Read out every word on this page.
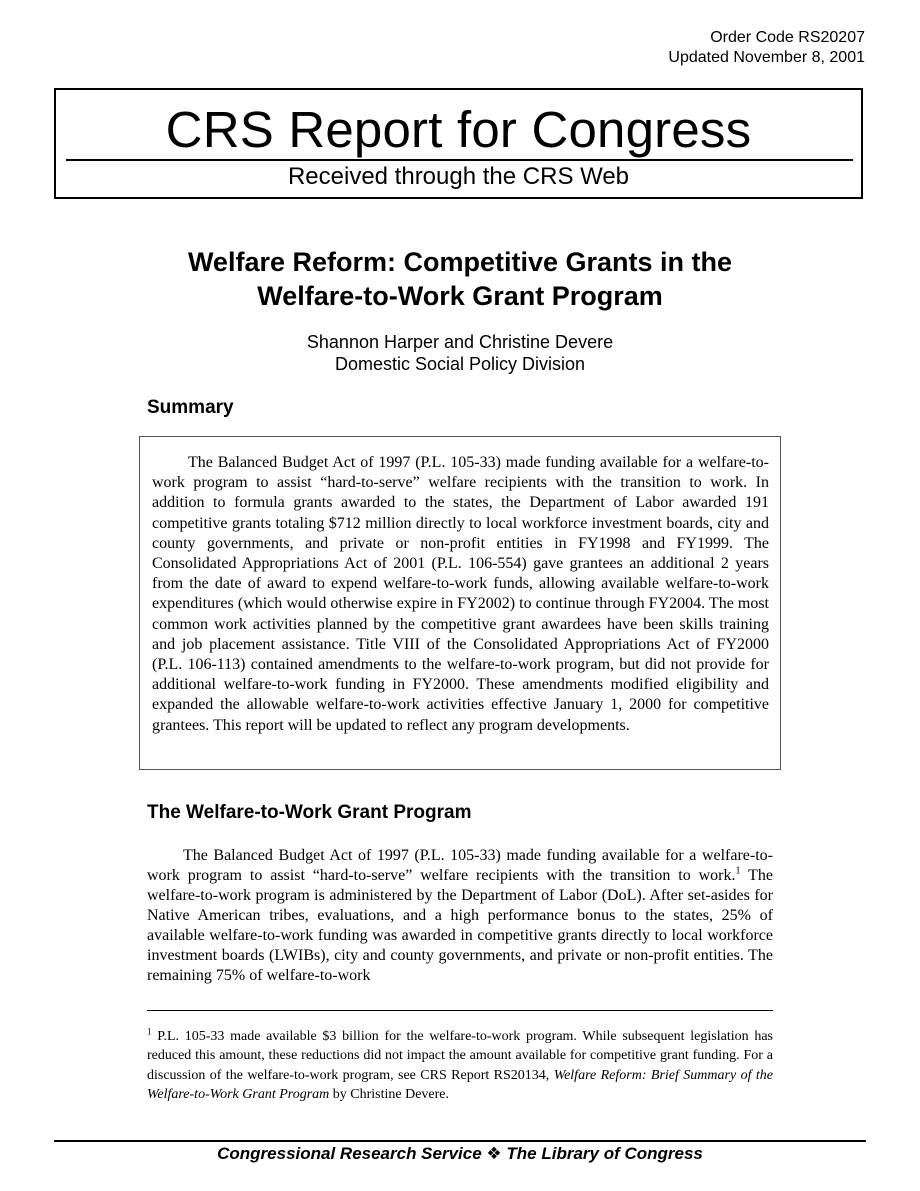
Order Code RS20207
Updated November 8, 2001
CRS Report for Congress
Received through the CRS Web
Welfare Reform: Competitive Grants in the
Welfare-to-Work Grant Program
Shannon Harper and Christine Devere
Domestic Social Policy Division
Summary

The Balanced Budget Act of 1997 (P.L. 105-33) made funding available for a welfare-to-work program to assist “hard-to-serve” welfare recipients with the transition to work. In addition to formula grants awarded to the states, the Department of Labor awarded 191 competitive grants totaling $712 million directly to local workforce investment boards, city and county governments, and private or non-profit entities in FY1998 and FY1999. The Consolidated Appropriations Act of 2001 (P.L. 106-554) gave grantees an additional 2 years from the date of award to expend welfare-to-work funds, allowing available welfare-to-work expenditures (which would otherwise expire in FY2002) to continue through FY2004. The most common work activities planned by the competitive grant awardees have been skills training and job placement assistance. Title VIII of the Consolidated Appropriations Act of FY2000 (P.L. 106-113) contained amendments to the welfare-to-work program, but did not provide for additional welfare-to-work funding in FY2000. These amendments modified eligibility and expanded the allowable welfare-to-work activities effective January 1, 2000 for competitive grantees. This report will be updated to reflect any program developments.

The Welfare-to-Work Grant Program

The Balanced Budget Act of 1997 (P.L. 105-33) made funding available for a welfare-to-work program to assist “hard-to-serve” welfare recipients with the transition to work.$^1$ The welfare-to-work program is administered by the Department of Labor (DoL). After set-asides for Native American tribes, evaluations, and a high performance bonus to the states, 25% of available welfare-to-work funding was awarded in competitive grants directly to local workforce investment boards (LWIBs), city and county governments, and private or non-profit entities. The remaining 75% of welfare-to-work

$^1$ P.L. 105-33 made available $3 billion for the welfare-to-work program. While subsequent legislation has reduced this amount, these reductions did not impact the amount available for competitive grant funding. For a discussion of the welfare-to-work program, see CRS Report RS20134, Welfare Reform: Brief Summary of the Welfare-to-Work Grant Program by Christine Devere.

Congressional Research Service ❖ The Library of Congress
